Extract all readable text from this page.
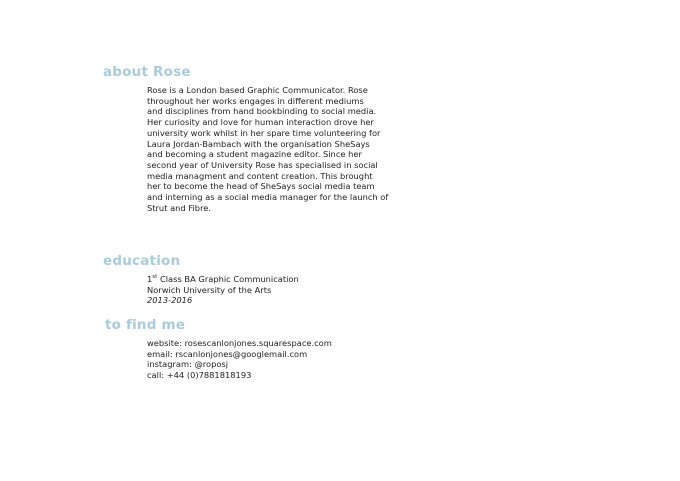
about Rose
Rose is a London based Graphic Communicator. Rose
throughout her works engages in different mediums
and disciplines from hand bookbinding to social media.
Her curiosity and love for human interaction drove her
university work whilst in her spare time volunteering for
Laura Jordan-Bambach with the organisation SheSays
and becoming a student magazine editor. Since her
second year of University Rose has specialised in social
media managment and content creation. This brought
her to become the head of SheSays social media team
and interning as a social media manager for the launch of
Strut and Fibre.
education
1st Class BA Graphic Communication
Norwich University of the Arts
2013-2016
to find me
website: rosescanlonjones.squarespace.com
email: rscanlonjones@googlemail.com
instagram: @roposj
call: +44 (0)7881818193
